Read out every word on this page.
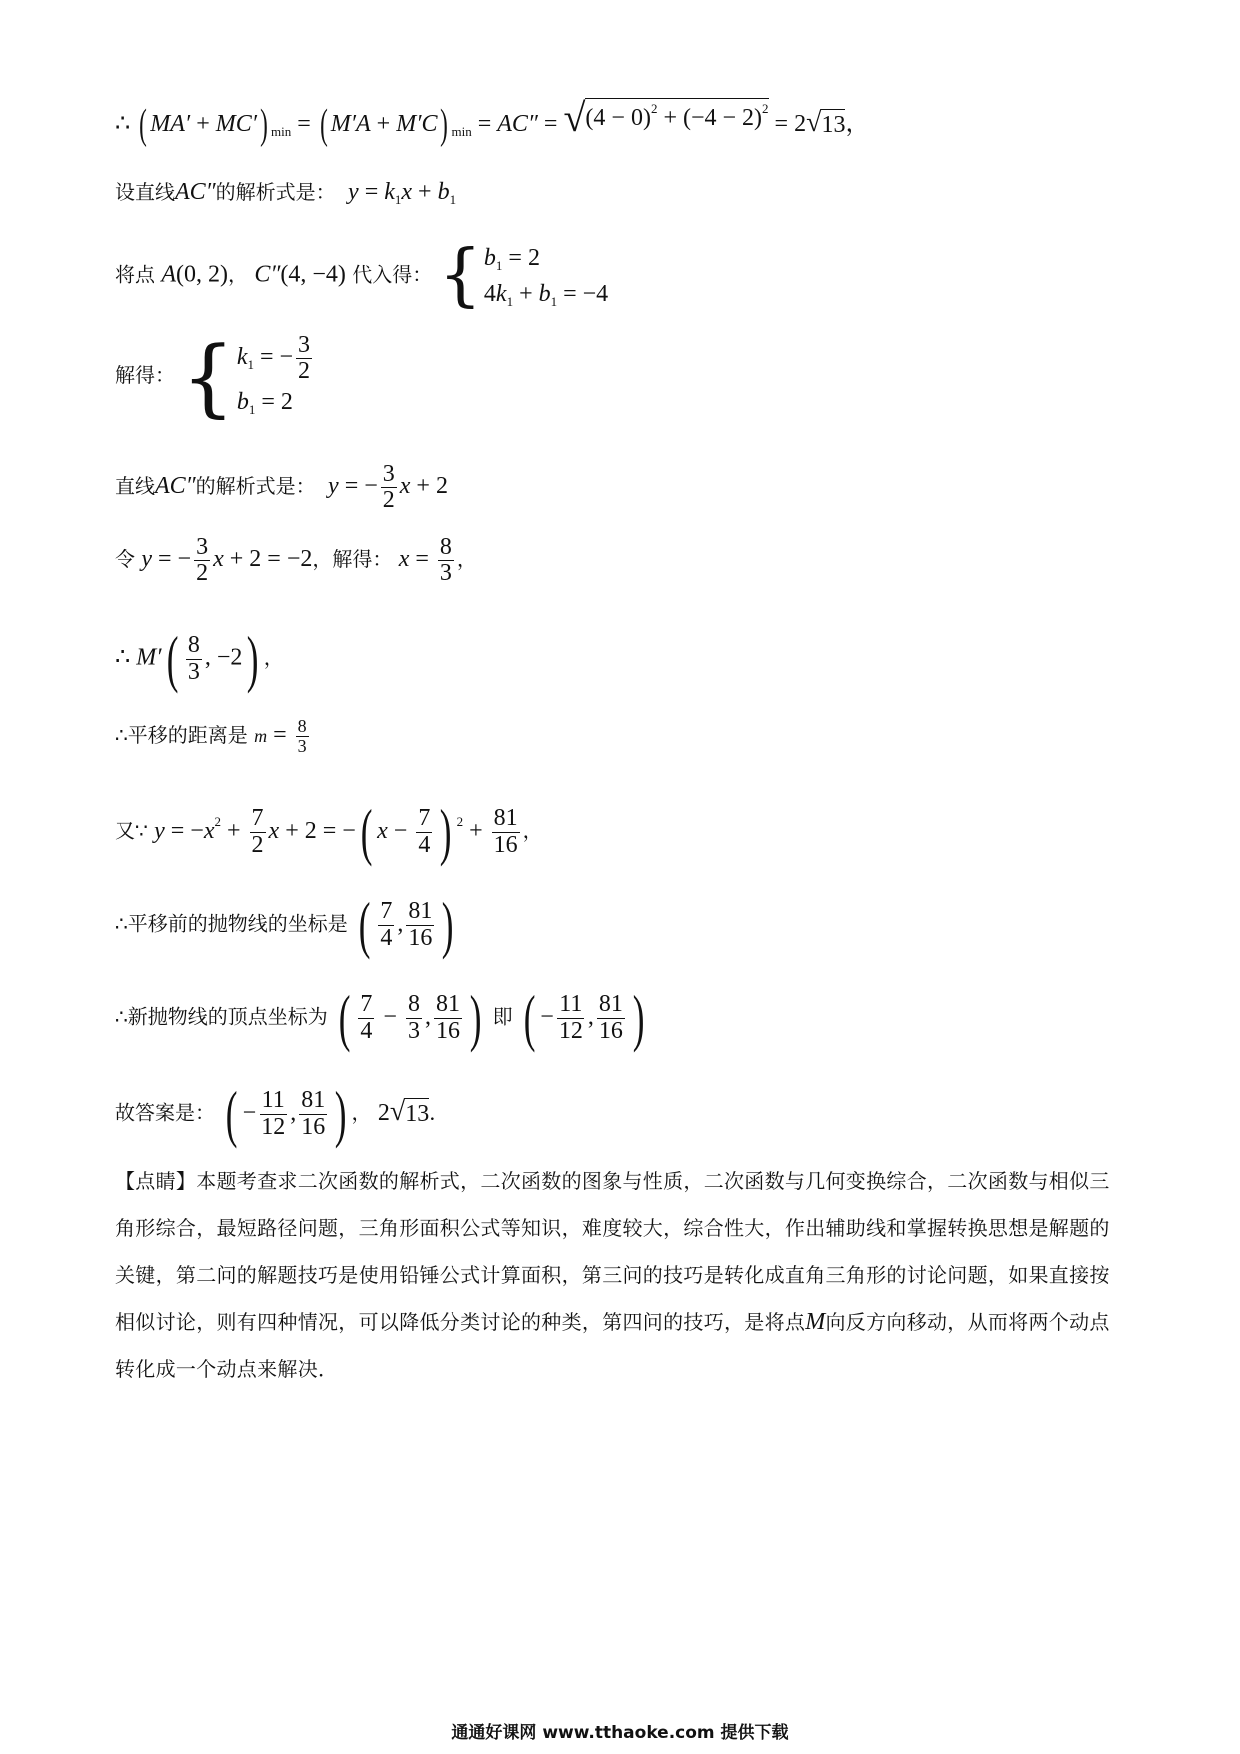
∴ ( MA′ + MC′) $_{min}$ = ( M′A + M′C) $_{min}$ = AC″ = √ $(4 - 0)^2 + (-4 - 2)^2$
= 2 √ 13 ，
设直线AC″的解析式是： $y = k_1x + b_1$
将点 A(0, 2)， C″(4, −4) 代入得： { $b_1 = 2$
$4k_1 + b_1 = -4$
解得： { $k_1$ = − $\frac{3}{2}$
$b_1 = 2$
直线AC″的解析式是： y = − $\frac{3}{2}$ x + 2
令 y = − $\frac{3}{2}$ x + 2 = −2，解得： $x = \frac{8}{3}$ ，
∴ $M'( \frac{8}{3}$ , −2) ，
∴平移的距离是 $m = \frac{8}{3}$
又∵ $y = -x^2 + \frac{7}{2}$ x + 2 = −( $x - \frac{7}{4}$ ) $^2 + \frac{81}{16}$ ，
∴平移前的抛物线的坐标是 ( $\frac{7}{4}$ , $\frac{81}{16}$ )
∴新抛物线的顶点坐标为 ( $\frac{7}{4} - \frac{8}{3}$ , $\frac{81}{16}$ ) 即 ( − $\frac{11}{12}$ , $\frac{81}{16}$ )
故答案是： ( − $\frac{11}{12}$ , $\frac{81}{16}$ ) ， 2 √ 13 ．
【点睛】本题考查求二次函数的解析式，二次函数的图象与性质，二次函数与几何变换综合，二次函数与相似三角形综合，最短路径问题，三角形面积公式等知识，难度较大，综合性大，作出辅助线和掌握转换思想是解题的关键，第二问的解题技巧是使用铅锤公式计算面积，第三问的技巧是转化成直角三角形的讨论问题，如果直接按相似讨论，则有四种情况，可以降低分类讨论的种类，第四问的技巧，是将点M向反方向移动，从而将两个动点转化成一个动点来解决．
通通好课网 www.tthaoke.com 提供下载
